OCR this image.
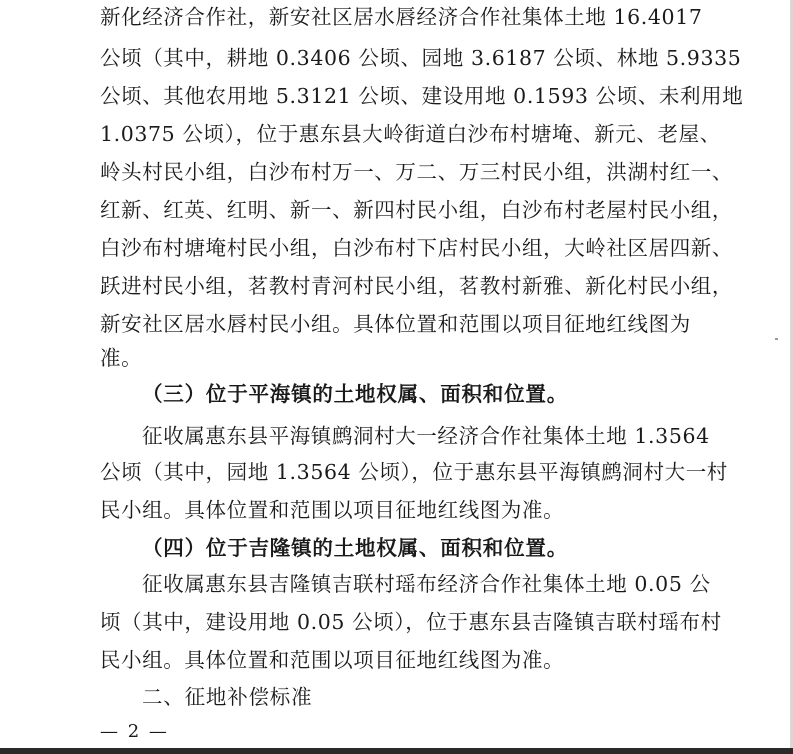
新化经济合作社，新安社区居水唇经济合作社集体土地 16.4017
公顷（其中，耕地 0.3406 公顷、园地 3.6187 公顷、林地 5.9335
公顷、其他农用地 5.3121 公顷、建设用地 0.1593 公顷、未利用地
1.0375 公顷），位于惠东县大岭街道白沙布村塘埯、新元、老屋、
岭头村民小组，白沙布村万一、万二、万三村民小组，洪湖村红一、
红新、红英、红明、新一、新四村民小组，白沙布村老屋村民小组，
白沙布村塘埯村民小组，白沙布村下店村民小组，大岭社区居四新、
跃进村民小组，茗教村青河村民小组，茗教村新雅、新化村民小组，
新安社区居水唇村民小组。具体位置和范围以项目征地红线图为
准。
（三）位于平海镇的土地权属、面积和位置。
征收属惠东县平海镇鹧洞村大一经济合作社集体土地 1.3564
公顷（其中，园地 1.3564 公顷），位于惠东县平海镇鹧洞村大一村
民小组。具体位置和范围以项目征地红线图为准。
（四）位于吉隆镇的土地权属、面积和位置。
征收属惠东县吉隆镇吉联村瑶布经济合作社集体土地 0.05 公
顷（其中，建设用地 0.05 公顷），位于惠东县吉隆镇吉联村瑶布村
民小组。具体位置和范围以项目征地红线图为准。
二、征地补偿标准
— 2 —
